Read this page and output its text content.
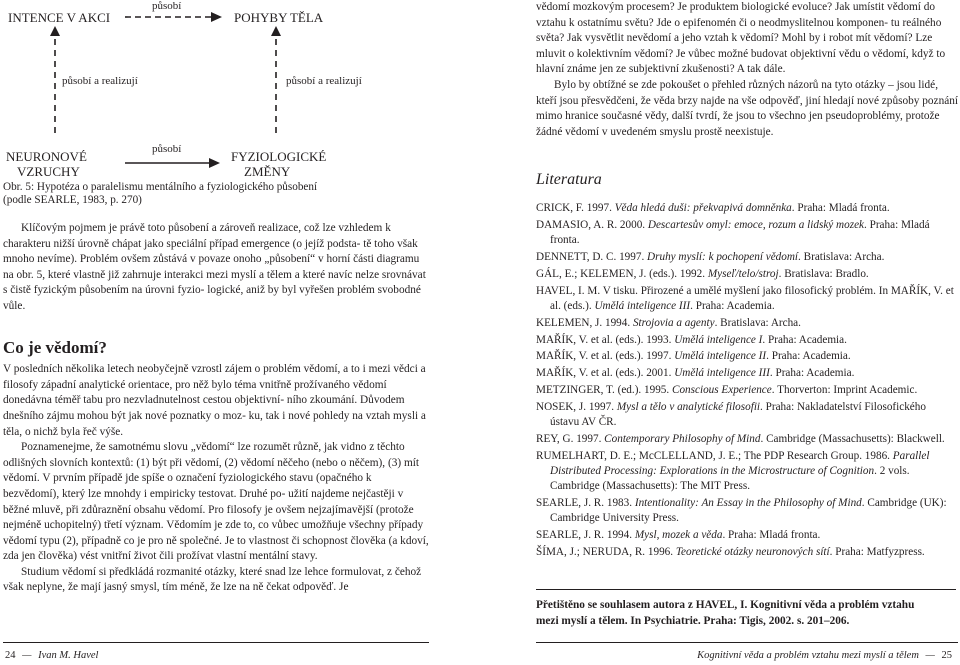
INTENCE V AKCI	POHYBY TĚLA
působí
působí a realizují	působí a realizují
NEURONOVÉ
VZRUCHY
FYZIOLOGICKÉ
ZMĚNY
působí
Obr. 5: Hypotéza o paralelismu mentálního a fyziologického působení
(podle SEARLE, 1983, p. 270)

Klíčovým pojmem je právě toto působení a zároveň realizace, což lze vzhledem k charakteru nižší úrovně chápat jako speciální případ emergence (o jejíž podsta- tě toho však mnoho nevíme). Problém ovšem zůstává v povaze onoho „působení“ v horní části diagramu na obr. 5, které vlastně již zahrnuje interakci mezi myslí a tělem a které navíc nelze srovnávat s čistě fyzickým působením na úrovni fyzio- logické, aniž by byl vyřešen problém svobodné vůle.

Co je vědomí?

V posledních několika letech neobyčejně vzrostl zájem o problém vědomí, a to i mezi vědci a filosofy západní analytické orientace, pro něž bylo téma vnitřně prožívaného vědomí donedávna téměř tabu pro nezvladnutelnost cestou objektivní- ního zkoumání. Důvodem dnešního zájmu mohou být jak nové poznatky o moz- ku, tak i nové pohledy na vztah mysli a těla, o nichž byla řeč výše.

Poznamenejme, že samotnému slovu „vědomí“ lze rozumět různě, jak vidno z těchto odlišných slovních kontextů: (1) být při vědomí, (2) vědomí něčeho (nebo o něčem), (3) mít vědomí. V prvním případě jde spíše o označení fyziologického stavu (opačného k bezvědomí), který lze mnohdy i empiricky testovat. Druhé po- užití najdeme nejčastěji v běžné mluvě, při zdůraznění obsahu vědomí. Pro filosofy je ovšem nejzajímavější (protože nejméně uchopitelný) třetí význam. Vědomím je zde to, co vůbec umožňuje všechny případy vědomí typu (2), případně co je pro ně společné. Je to vlastnost či schopnost člověka (a kdoví, zda jen člověka) vést vnitřní život čili prožívat vlastní mentální stavy.

Studium vědomí si předkládá rozmanité otázky, které snad lze lehce formulovat, z čehož však neplyne, že mají jasný smysl, tím méně, že lze na ně čekat odpověď. Je

vědomí mozkovým procesem? Je produktem biologické evoluce? Jak umístit vědomí do vztahu k ostatnímu světu? Jde o epifenomén či o neodmyslitelnou komponen- tu reálného světa? Jak vysvětlit nevědomí a jeho vztah k vědomí? Mohl by i robot mít vědomí? Lze mluvit o kolektivním vědomí? Je vůbec možné budovat objektivní vědu o vědomí, když to hlavní známe jen ze subjektivní zkušenosti? A tak dále.

Bylo by obtížné se zde pokoušet o přehled různých názorů na tyto otázky – jsou lidé, kteří jsou přesvědčeni, že věda brzy najde na vše odpověď, jiní hledají nové způsoby poznání mimo hranice současné vědy, další tvrdí, že jsou to všechno jen pseudoproblémy, protože žádné vědomí v uvedeném smyslu prostě neexistuje.

Literatura
CRICK, F. 1997. Věda hledá duši: překvapivá domněnka. Praha: Mladá fronta.
DAMASIO, A. R. 2000. Descartesův omyl: emoce, rozum a lidský mozek. Praha: Mladá fronta.
DENNETT, D. C. 1997. Druhy myslí: k pochopení vědomí. Bratislava: Archa.
GÁL, E.; KELEMEN, J. (eds.). 1992. Myseľ/telo/stroj. Bratislava: Bradlo.
HAVEL, I. M. V tisku. Přirozené a umělé myšlení jako filosofický problém. In MAŘÍK, V. et al. (eds.). Umělá inteligence III. Praha: Academia.
KELEMEN, J. 1994. Strojovia a agenty. Bratislava: Archa.
MAŘÍK, V. et al. (eds.). 1993. Umělá inteligence I. Praha: Academia.
MAŘÍK, V. et al. (eds.). 1997. Umělá inteligence II. Praha: Academia.
MAŘÍK, V. et al. (eds.). 2001. Umělá inteligence III. Praha: Academia.
METZINGER, T. (ed.). 1995. Conscious Experience. Thorverton: Imprint Academic.
NOSEK, J. 1997. Mysl a tělo v analytické filosofii. Praha: Nakladatelství Filosofického ústavu AV ČR.
REY, G. 1997. Contemporary Philosophy of Mind. Cambridge (Massachusetts): Blackwell.
RUMELHART, D. E.; McCLELLAND, J. E.; The PDP Research Group. 1986. Parallel Distributed Processing: Explorations in the Microstructure of Cognition. 2 vols. Cambridge (Massachusetts): The MIT Press.
SEARLE, J. R. 1983. Intentionality: An Essay in the Philosophy of Mind. Cambridge (UK): Cambridge University Press.
SEARLE, J. R. 1994. Mysl, mozek a věda. Praha: Mladá fronta.
ŠÍMA, J.; NERUDA, R. 1996. Teoretické otázky neuronových sítí. Praha: Matfyzpress.
Přetištěno se souhlasem autora z HAVEL, I. Kognitivní věda a problém vztahu
mezi myslí a tělem. In Psychiatrie. Praha: Tigis, 2002. s. 201–206.
24 — Ivan M. Havel	Kognitivní věda a problém vztahu mezi myslí a tělem — 25
